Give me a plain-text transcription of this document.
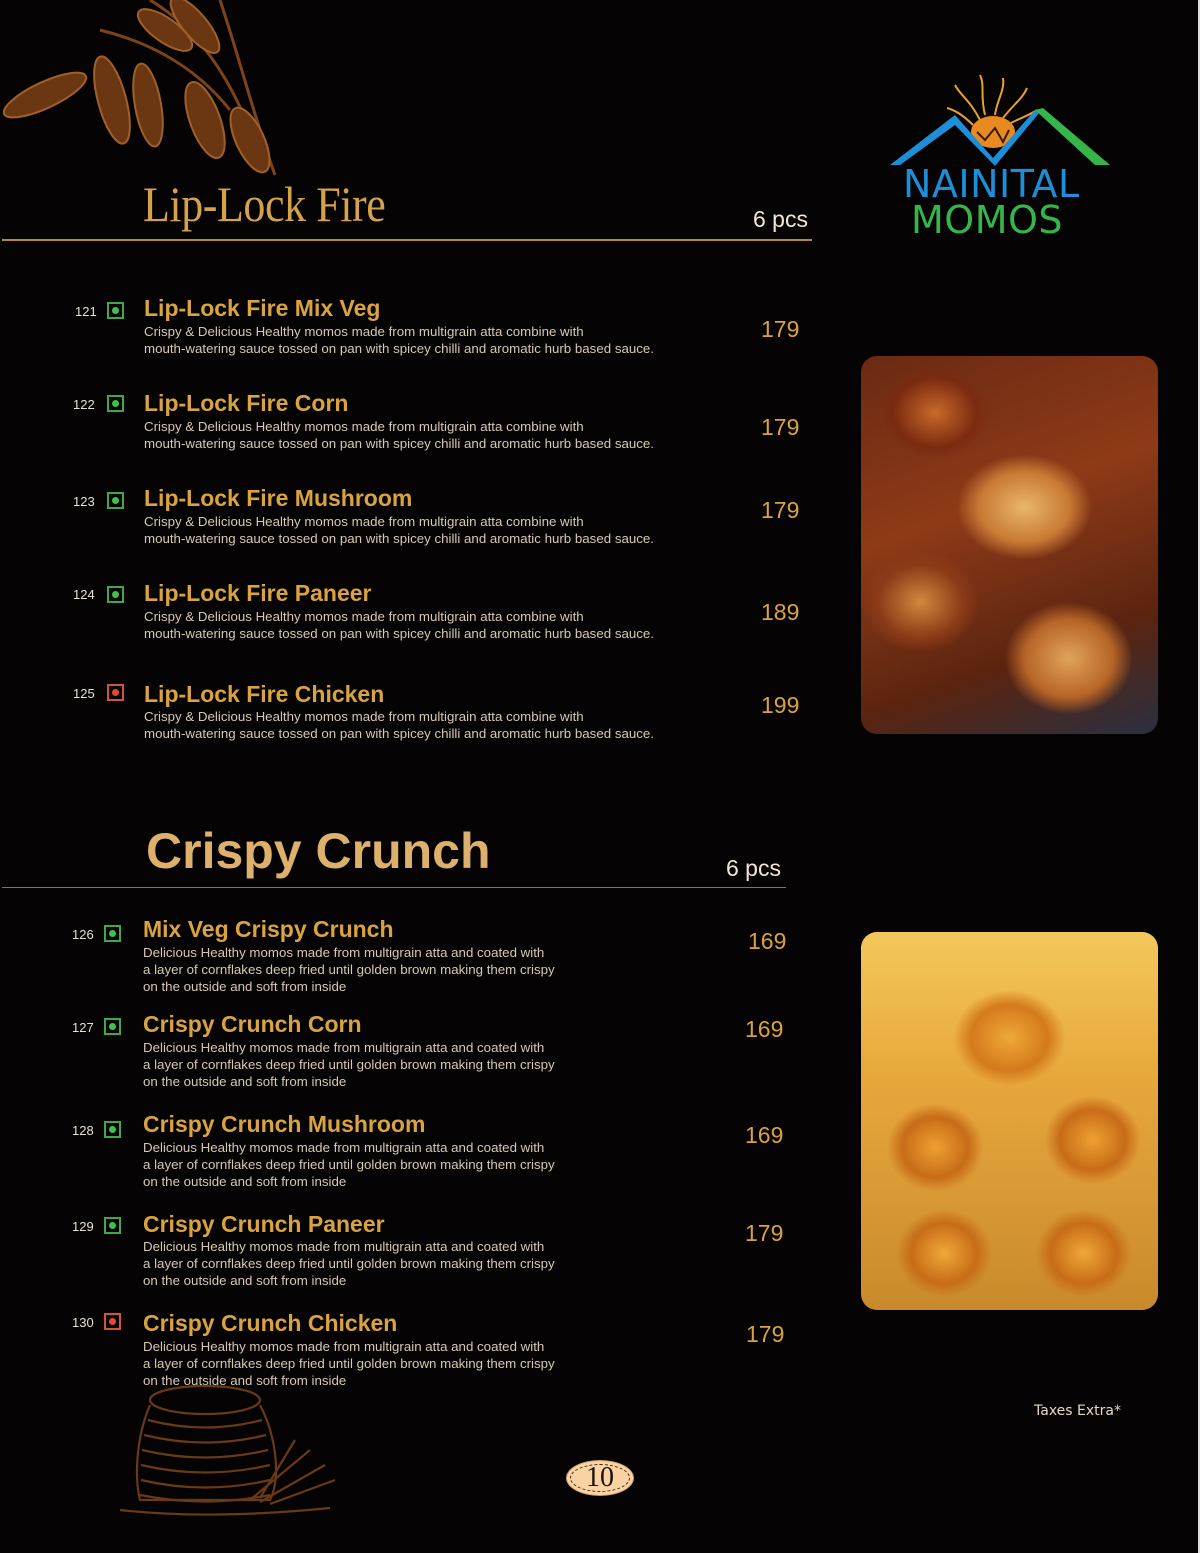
NAINITAL
MOMOS
Lip-Lock Fire	6 pcs
121 Lip-Lock Fire Mix Veg
Crispy & Delicious Healthy momos made from multigrain atta combine with
mouth-watering sauce tossed on pan with spicey chilli and aromatic hurb based sauce.
179
122 Lip-Lock Fire Corn
Crispy & Delicious Healthy momos made from multigrain atta combine with
mouth-watering sauce tossed on pan with spicey chilli and aromatic hurb based sauce.
179
123 Lip-Lock Fire Mushroom
Crispy & Delicious Healthy momos made from multigrain atta combine with
mouth-watering sauce tossed on pan with spicey chilli and aromatic hurb based sauce.
179
124 Lip-Lock Fire Paneer
Crispy & Delicious Healthy momos made from multigrain atta combine with
mouth-watering sauce tossed on pan with spicey chilli and aromatic hurb based sauce.
189
125 Lip-Lock Fire Chicken
Crispy & Delicious Healthy momos made from multigrain atta combine with
mouth-watering sauce tossed on pan with spicey chilli and aromatic hurb based sauce.
199
Crispy Crunch	6 pcs
126 Mix Veg Crispy Crunch
Delicious Healthy momos made from multigrain atta and coated with
a layer of cornflakes deep fried until golden brown making them crispy
on the outside and soft from inside
169
127 Crispy Crunch Corn
Delicious Healthy momos made from multigrain atta and coated with
a layer of cornflakes deep fried until golden brown making them crispy
on the outside and soft from inside
169
128 Crispy Crunch Mushroom
Delicious Healthy momos made from multigrain atta and coated with
a layer of cornflakes deep fried until golden brown making them crispy
on the outside and soft from inside
169
129 Crispy Crunch Paneer
Delicious Healthy momos made from multigrain atta and coated with
a layer of cornflakes deep fried until golden brown making them crispy
on the outside and soft from inside
179
130 Crispy Crunch Chicken
Delicious Healthy momos made from multigrain atta and coated with
a layer of cornflakes deep fried until golden brown making them crispy
on the outside and soft from inside
179
Taxes Extra*
10
